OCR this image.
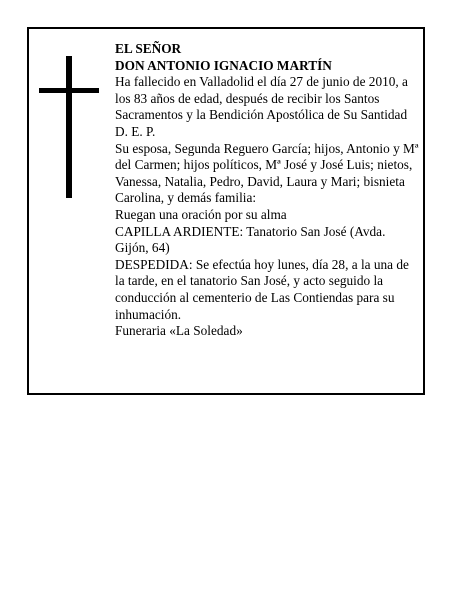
EL SEÑOR

DON ANTONIO IGNACIO MARTÍN

Ha fallecido en Valladolid el día 27 de junio de 2010, a los 83 años de edad, después de recibir los Santos Sacramentos y la Bendición Apostólica de Su Santidad D. E. P.

Su esposa, Segunda Reguero García; hijos, Antonio y Mª del Carmen; hijos políticos, Mª José y José Luis; nietos, Vanessa, Natalia, Pedro, David, Laura y Mari; bisnieta Carolina, y demás familia:

Ruegan una oración por su alma

CAPILLA ARDIENTE: Tanatorio San José (Avda. Gijón, 64)

DESPEDIDA: Se efectúa hoy lunes, día 28, a la una de la tarde, en el tanatorio San José, y acto seguido la conducción al cementerio de Las Contiendas para su inhumación.

Funeraria «La Soledad»
